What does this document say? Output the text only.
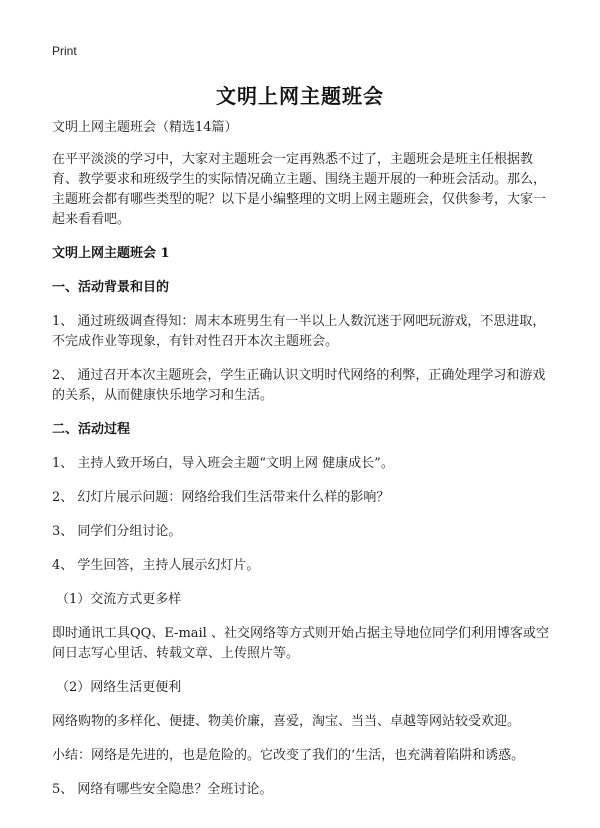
Print
文明上网主题班会

文明上网主题班会（精选14篇）

在平平淡淡的学习中，大家对主题班会一定再熟悉不过了，主题班会是班主任根据教育、教学要求和班级学生的实际情况确立主题、围绕主题开展的一种班会活动。那么，主题班会都有哪些类型的呢？以下是小编整理的文明上网主题班会，仅供参考，大家一起来看看吧。

文明上网主题班会 1

一、活动背景和目的

1、 通过班级调查得知：周末本班男生有一半以上人数沉迷于网吧玩游戏，不思进取，不完成作业等现象，有针对性召开本次主题班会。

2、 通过召开本次主题班会，学生正确认识文明时代网络的利弊，正确处理学习和游戏的关系，从而健康快乐地学习和生活。

二、活动过程

1、 主持人致开场白，导入班会主题“文明上网 健康成长”。

2、 幻灯片展示问题：网络给我们生活带来什么样的影响？

3、 同学们分组讨论。

4、 学生回答，主持人展示幻灯片。

（1）交流方式更多样

即时通讯工具QQ、E-mail 、社交网络等方式则开始占据主导地位同学们利用博客或空间日志写心里话、转载文章、上传照片等。

（2）网络生活更便利

网络购物的多样化、便捷、物美价廉，喜爱，淘宝、当当、卓越等网站较受欢迎。

小结：网络是先进的，也是危险的。它改变了我们的‘生活，也充满着陷阱和诱惑。

5、 网络有哪些安全隐患？全班讨论。
